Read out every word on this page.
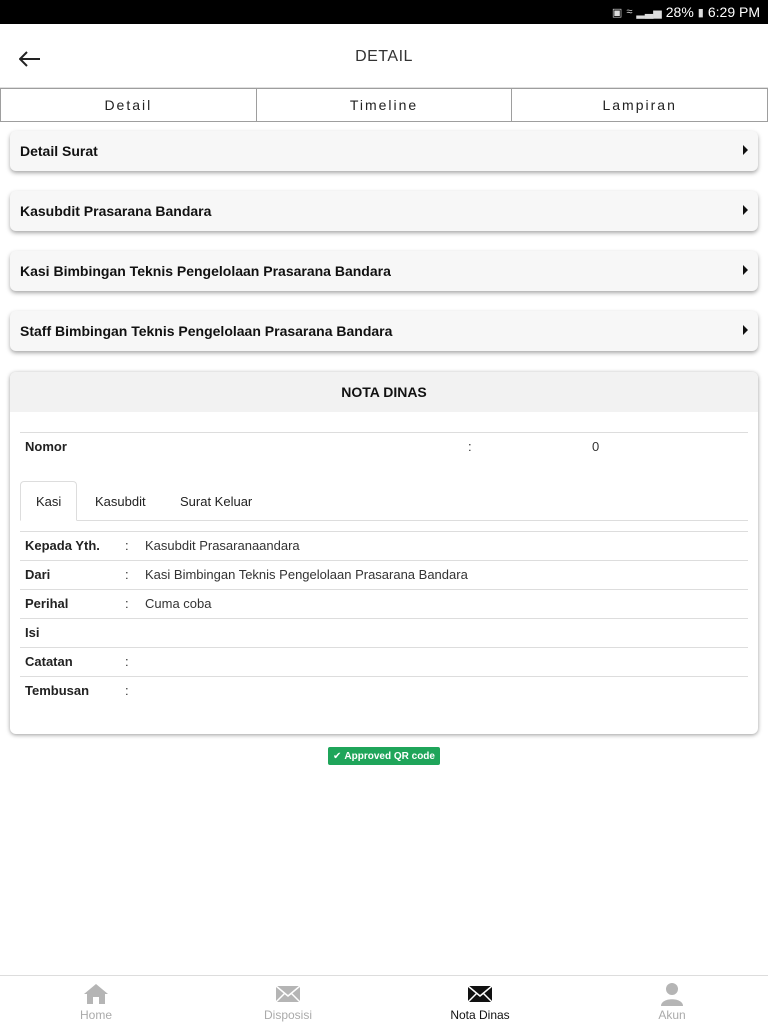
▣ ≈ ▂▃▅ 28% ▮ 6:29 PM
DETAIL
Detail	Timeline	Lampiran
Detail Surat
Kasubdit Prasarana Bandara
Kasi Bimbingan Teknis Pengelolaan Prasarana Bandara
Staff Bimbingan Teknis Pengelolaan Prasarana Bandara
NOTA DINAS
Nomor	:	0
Kasi	Kasubdit	Surat Keluar
Kepada Yth. : Kasubdit Prasaranaandara
Dari	: Kasi Bimbingan Teknis Pengelolaan Prasarana Bandara
Perihal	: Cuma coba
Isi
Catatan	:
Tembusan	:
✔ Approved QR code
Home	Disposisi	Nota Dinas	Akun
